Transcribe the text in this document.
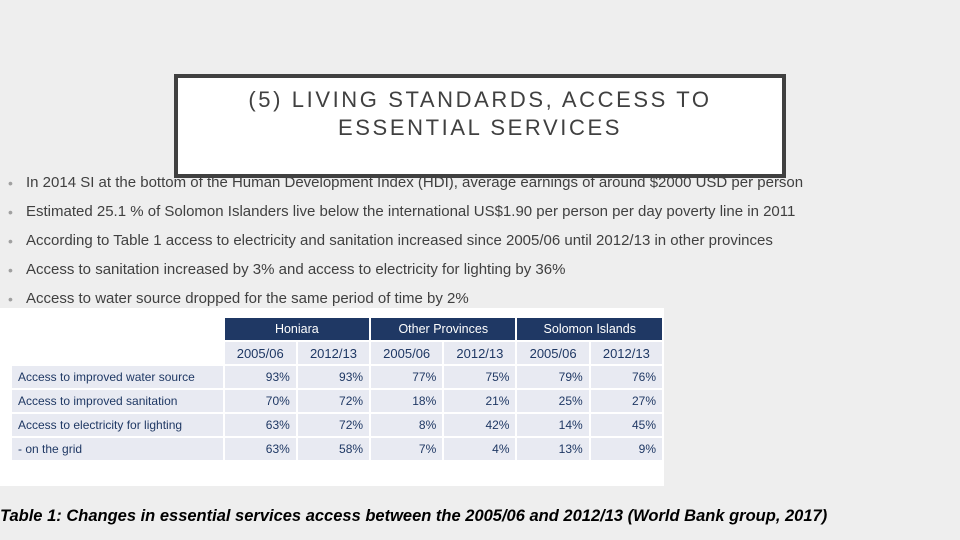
(5) LIVING STANDARDS, ACCESS TO
ESSENTIAL SERVICES
• In 2014 SI at the bottom of the Human Development Index (HDI), average earnings of around $2000 USD per person
• Estimated 25.1 % of Solomon Islanders live below the international US$1.90 per person per day poverty line in 2011
• According to Table 1 access to electricity and sanitation increased since 2005/06 until 2012/13 in other provinces
• Access to sanitation increased by 3% and access to electricity for lighting by 36%
• Access to water source dropped for the same period of time by 2%
	Honiara		Other Provinces		Solomon Islands	
	2005/06	2012/13	2005/06	2012/13	2005/06	2012/13
Access to improved water source	93%	93%	77%	75%	79%	76%
Access to improved sanitation	70%	72%	18%	21%	25%	27%
Access to electricity for lighting	63%	72%	8%	42%	14%	45%
- on the grid	63%	58%	7%	4%	13%	9%
Table 1: Changes in essential services access between the 2005/06 and 2012/13 (World Bank group, 2017)
